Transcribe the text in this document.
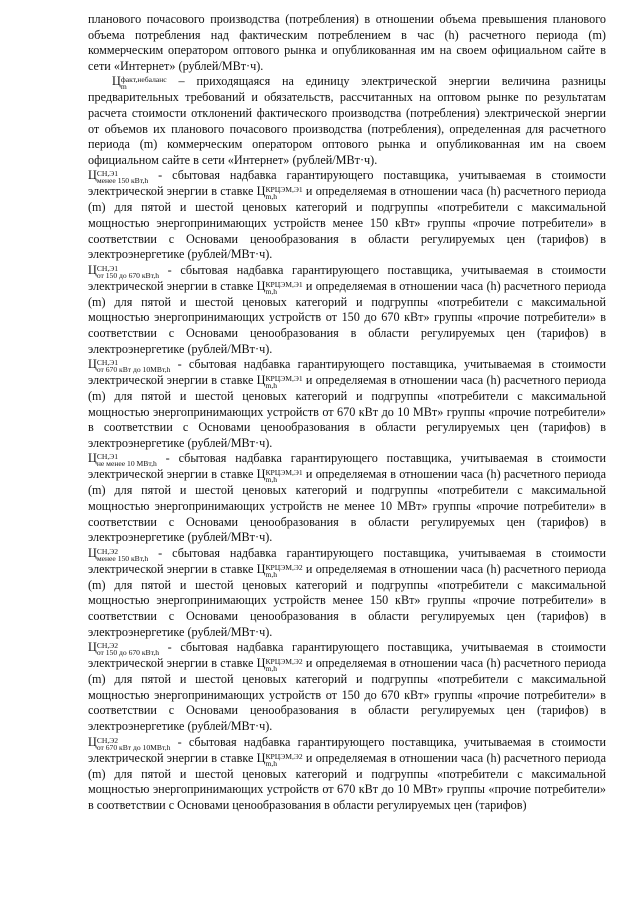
планового почасового производства (потребления) в отношении объема превышения планового объема потребления над фактическим потреблением в час (h) расчетного периода (m) коммерческим оператором оптового рынка и опубликованная им на своем официальном сайте в сети «Интернет» (рублей/МВт·ч).

Ц факт,небаланс
m	– приходящаяся на единицу электрической энергии величина разницы предварительных требований и обязательств, рассчитанных на оптовом рынке по результатам расчета стоимости отклонений фактического производства (потребления) электрической энергии от объемов их планового почасового производства (потребления), определенная для расчетного периода (m) коммерческим оператором оптового рынка и опубликованная им на своем официальном сайте в сети «Интернет» (рублей/МВт·ч).

Ц СН,Э1
менее 150 кВт,h - сбытовая надбавка гарантирующего поставщика, учитываемая в стоимости электрической энергии в ставке Ц КРЦЭМ,Э1
m,h	и определяемая в отношении часа (h) расчетного периода (m) для пятой и шестой ценовых категорий и подгруппы «потребители с максимальной мощностью энергопринимающих устройств менее 150 кВт» группы «прочие потребители» в соответствии с Основами ценообразования в области регулируемых цен (тарифов) в электроэнергетике (рублей/МВт·ч).

Ц СН,Э1
от 150 до 670 кВт,h - сбытовая надбавка гарантирующего поставщика, учитываемая в стоимости электрической энергии в ставке Ц КРЦЭМ,Э1
m,h	и определяемая в отношении часа (h) расчетного периода (m) для пятой и шестой ценовых категорий и подгруппы «потребители с максимальной мощностью энергопринимающих устройств от 150 до 670 кВт» группы «прочие потребители» в соответствии с Основами ценообразования в области регулируемых цен (тарифов) в электроэнергетике (рублей/МВт·ч).

Ц СН,Э1
от 670 кВт до 10МВт,h - сбытовая надбавка гарантирующего поставщика, учитываемая в стоимости электрической энергии в ставке Ц КРЦЭМ,Э1
m,h	и определяемая в отношении часа (h) расчетного периода (m) для пятой и шестой ценовых категорий и подгруппы «потребители с максимальной мощностью энергопринимающих устройств от 670 кВт до 10 МВт» группы «прочие потребители» в соответствии с Основами ценообразования в области регулируемых цен (тарифов) в электроэнергетике (рублей/МВт·ч).

Ц СН,Э1
не менее 10 МВт,h - сбытовая надбавка гарантирующего поставщика, учитываемая в стоимости электрической энергии в ставке Ц КРЦЭМ,Э1
m,h	и определяемая в отношении часа (h) расчетного периода (m) для пятой и шестой ценовых категорий и подгруппы «потребители с максимальной мощностью энергопринимающих устройств не менее 10 МВт» группы «прочие потребители» в соответствии с Основами ценообразования в области регулируемых цен (тарифов) в электроэнергетике (рублей/МВт·ч).

Ц СН,Э2
менее 150 кВт,h - сбытовая надбавка гарантирующего поставщика, учитываемая в стоимости электрической энергии в ставке Ц КРЦЭМ,Э2
m,h	и определяемая в отношении часа (h) расчетного периода (m) для пятой и шестой ценовых категорий и подгруппы «потребители с максимальной мощностью энергопринимающих устройств менее 150 кВт» группы «прочие потребители» в соответствии с Основами ценообразования в области регулируемых цен (тарифов) в электроэнергетике (рублей/МВт·ч).

Ц СН,Э2
от 150 до 670 кВт,h - сбытовая надбавка гарантирующего поставщика, учитываемая в стоимости электрической энергии в ставке Ц КРЦЭМ,Э2
m,h	и определяемая в отношении часа (h) расчетного периода (m) для пятой и шестой ценовых категорий и подгруппы «потребители с максимальной мощностью энергопринимающих устройств от 150 до 670 кВт» группы «прочие потребители» в соответствии с Основами ценообразования в области регулируемых цен (тарифов) в электроэнергетике (рублей/МВт·ч).

Ц СН,Э2
от 670 кВт до 10МВт,h - сбытовая надбавка гарантирующего поставщика, учитываемая в стоимости электрической энергии в ставке Ц КРЦЭМ,Э2
m,h	и определяемая в отношении часа (h) расчетного периода (m) для пятой и шестой ценовых категорий и подгруппы «потребители с максимальной мощностью энергопринимающих устройств от 670 кВт до 10 МВт» группы «прочие потребители» в соответствии с Основами ценообразования в области регулируемых цен (тарифов)
